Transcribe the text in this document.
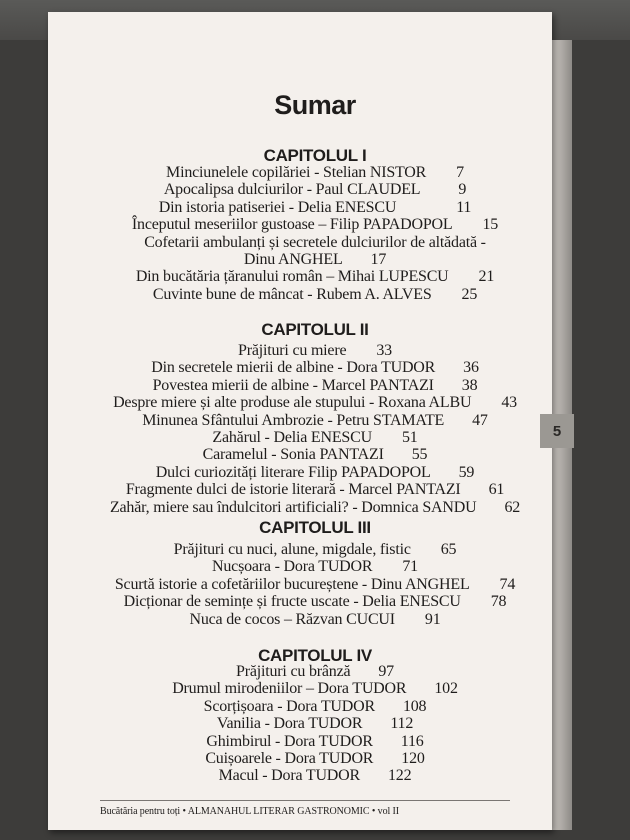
5
Sumar
CAPITOLUL I
Minciunelele copilăriei - Stelian NISTOR 7
Apocalipsa dulciurilor - Paul CLAUDEL 9
Din istoria patiseriei - Delia ENESCU	11
Începutul meseriilor gustoase – Filip PAPADOPOL 15
Cofetarii ambulanți și secretele dulciurilor de altădată -
Dinu ANGHEL 17
Din bucătăria țăranului român – Mihai LUPESCU 21
Cuvinte bune de mâncat - Rubem A. ALVES 25
CAPITOLUL II
Prăjituri cu miere 33
Din secretele mierii de albine - Dora TUDOR 36
Povestea mierii de albine - Marcel PANTAZI 38
Despre miere și alte produse ale stupului - Roxana ALBU 43
Minunea Sfântului Ambrozie - Petru STAMATE 47
Zahărul - Delia ENESCU 51
Caramelul - Sonia PANTAZI 55
Dulci curiozități literare Filip PAPADOPOL 59
Fragmente dulci de istorie literară - Marcel PANTAZI 61
Zahăr, miere sau îndulcitori artificiali? - Domnica SANDU 62
CAPITOLUL III
Prăjituri cu nuci, alune, migdale, fistic 65
Nucșoara - Dora TUDOR 71
Scurtă istorie a cofetăriilor bucureștene - Dinu ANGHEL 74
Dicționar de semințe și fructe uscate - Delia ENESCU 78
Nuca de cocos – Răzvan CUCUI 91
CAPITOLUL IV
Prăjituri cu brânză 97
Drumul mirodeniilor – Dora TUDOR 102
Scorțișoara - Dora TUDOR 108
Vanilia - Dora TUDOR 112
Ghimbirul - Dora TUDOR 116
Cuișoarele - Dora TUDOR 120
Macul - Dora TUDOR 122
Bucătăria pentru toți • ALMANAHUL LITERAR GASTRONOMIC • vol II
